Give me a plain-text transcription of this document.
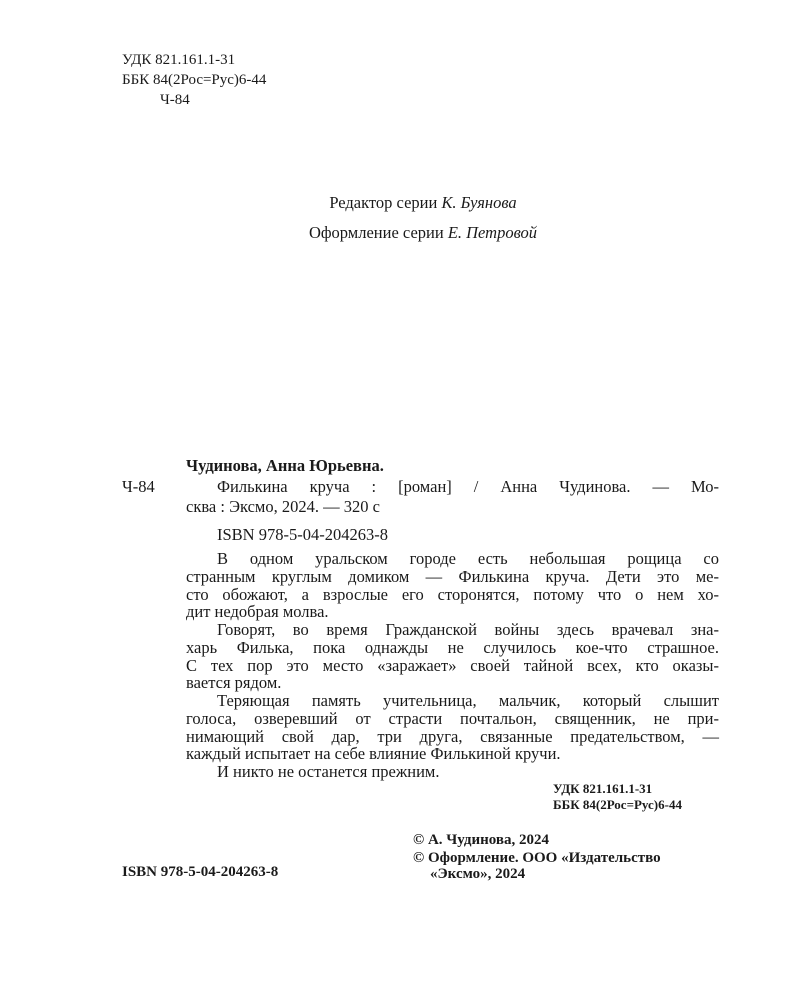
УДК 821.161.1-31
ББК 84(2Рос=Рус)6-44
Ч-84
Редактор серии К. Буянова
Оформление серии Е. Петровой
Чудинова, Анна Юрьевна.
Ч-84	Филькина круча : [роман] / Анна Чудинова. — Мо-
сква : Эксмо, 2024. — 320 с
ISBN 978-5-04-204263-8
В одном уральском городе есть небольшая рощица со
странным круглым домиком — Филькина круча. Дети это ме-
сто обожают, а взрослые его сторонятся, потому что о нем хо-
дит недобрая молва.
Говорят, во время Гражданской войны здесь врачевал зна-
харь Филька, пока однажды не случилось кое-что страшное.
С тех пор это место «заражает» своей тайной всех, кто оказы-
вается рядом.
Теряющая память учительница, мальчик, который слышит
голоса, озверевший от страсти почтальон, священник, не при-
нимающий свой дар, три друга, связанные предательством, —
каждый испытает на себе влияние Филькиной кручи.
И никто не останется прежним.
УДК 821.161.1-31
ББК 84(2Рос=Рус)6-44
© А. Чудинова, 2024
© Оформление. ООО «Издательство
«Эксмо», 2024
ISBN 978-5-04-204263-8
